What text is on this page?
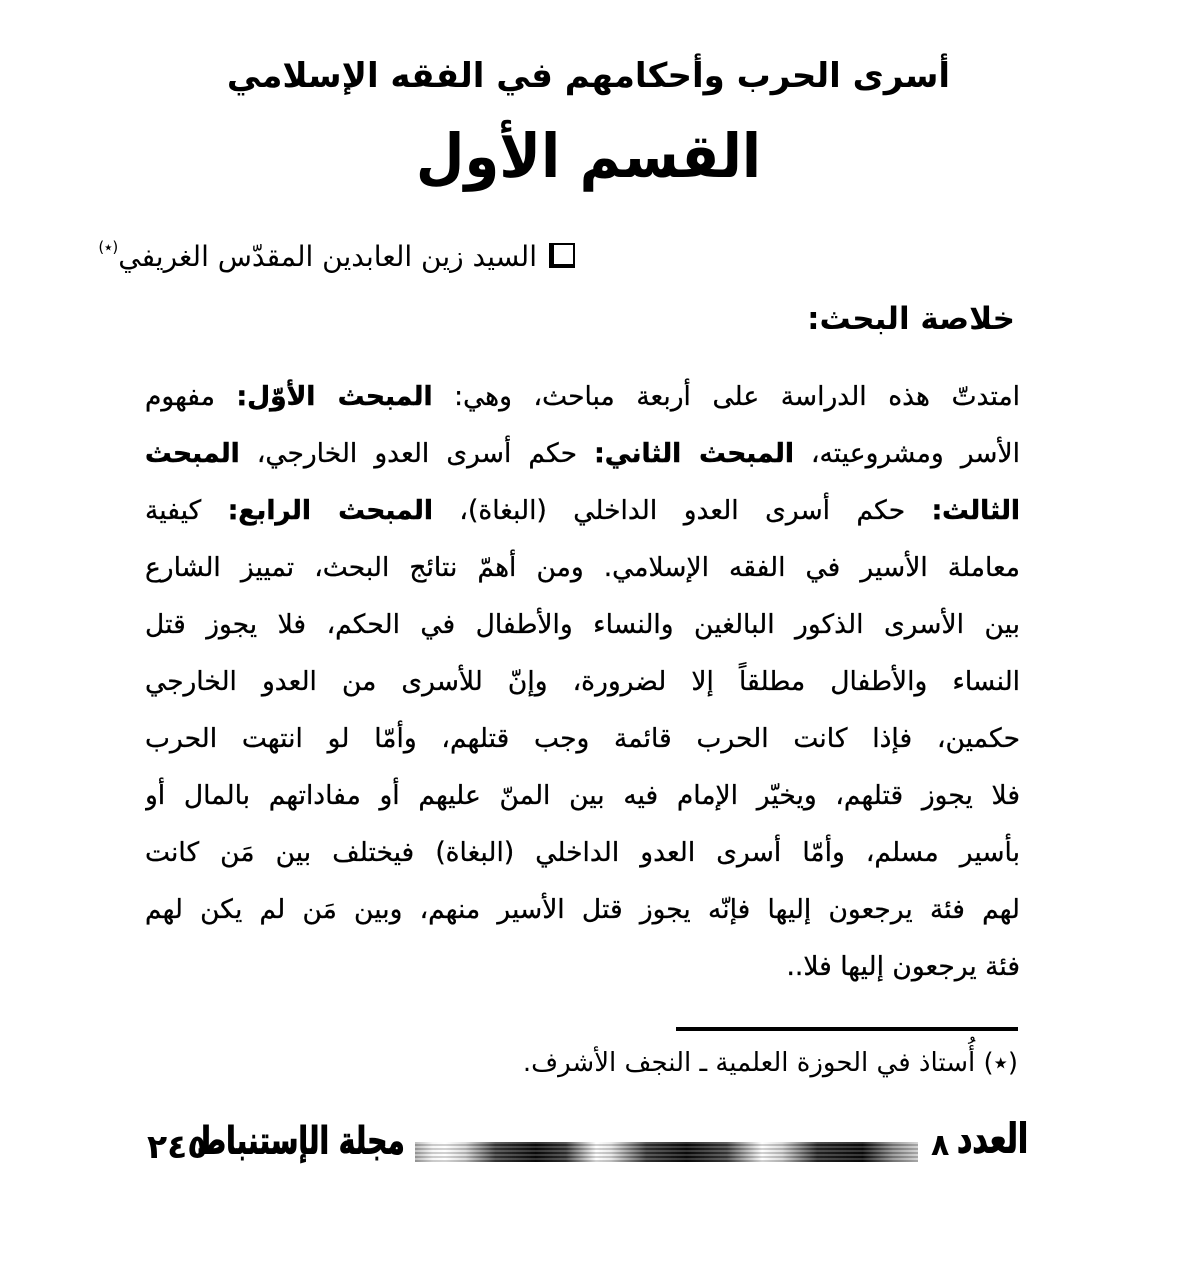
أسرى الحرب وأحكامهم في الفقه الإسلامي
القسم الأول
السيد زين العابدين المقدّس الغريفي(٭)
خلاصة البحث:
امتدتّ هذه الدراسة على أربعة مباحث، وهي: المبحث الأوّل: مفهوم
الأسر ومشروعيته، المبحث الثاني: حكم أسرى العدو الخارجي، المبحث
الثالث: حكم أسرى العدو الداخلي (البغاة)، المبحث الرابع: كيفية
معاملة الأسير في الفقه الإسلامي. ومن أهمّ نتائج البحث، تمييز الشارع
بين الأسرى الذكور البالغين والنساء والأطفال في الحكم، فلا يجوز قتل
النساء والأطفال مطلقاً إلا لضرورة، وإنّ للأسرى من العدو الخارجي
حكمين، فإذا كانت الحرب قائمة وجب قتلهم، وأمّا لو انتهت الحرب
فلا يجوز قتلهم، ويخيّر الإمام فيه بين المنّ عليهم أو مفاداتهم بالمال أو
بأسير مسلم، وأمّا أسرى العدو الداخلي (البغاة) فيختلف بين مَن كانت
لهم فئة يرجعون إليها فإنّه يجوز قتل الأسير منهم، وبين مَن لم يكن لهم
فئة يرجعون إليها فلا..
(٭) أُستاذ في الحوزة العلمية ـ النجف الأشرف.
٢٤٥
مجلة الإستنباط	٨ العدد
